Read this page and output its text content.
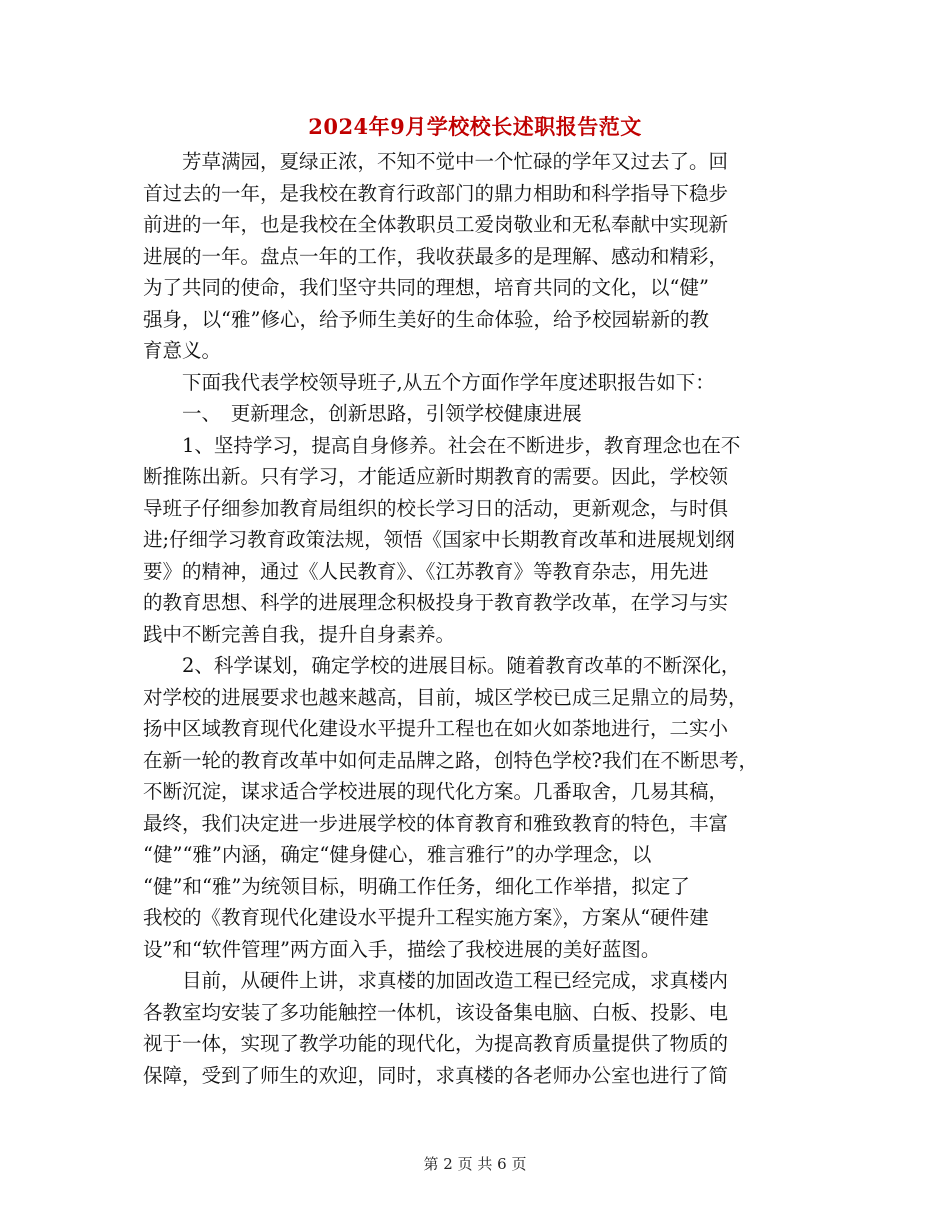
2024年9月学校校长述职报告范文
芳草满园，夏绿正浓，不知不觉中一个忙碌的学年又过去了。回
首过去的一年，是我校在教育行政部门的鼎力相助和科学指导下稳步
前进的一年，也是我校在全体教职员工爱岗敬业和无私奉献中实现新
进展的一年。盘点一年的工作，我收获最多的是理解、感动和精彩，
为了共同的使命，我们坚守共同的理想，培育共同的文化，以“健”
强身，以“雅”修心，给予师生美好的生命体验，给予校园崭新的教
育意义。
下面我代表学校领导班子,从五个方面作学年度述职报告如下：
一、　更新理念，创新思路，引领学校健康进展
1、坚持学习，提高自身修养。社会在不断进步，教育理念也在不
断推陈出新。只有学习，才能适应新时期教育的需要。因此，学校领
导班子仔细参加教育局组织的校长学习日的活动，更新观念，与时俱
进;仔细学习教育政策法规，领悟《国家中长期教育改革和进展规划纲
要》的精神，通过《人民教育》、《江苏教育》等教育杂志，用先进
的教育思想、科学的进展理念积极投身于教育教学改革，在学习与实
践中不断完善自我，提升自身素养。
2、科学谋划，确定学校的进展目标。随着教育改革的不断深化，
对学校的进展要求也越来越高，目前，城区学校已成三足鼎立的局势，
扬中区域教育现代化建设水平提升工程也在如火如荼地进行，二实小
在新一轮的教育改革中如何走品牌之路，创特色学校?我们在不断思考，
不断沉淀，谋求适合学校进展的现代化方案。几番取舍，几易其稿，
最终，我们决定进一步进展学校的体育教育和雅致教育的特色，丰富
“健”“雅”内涵，确定“健身健心，雅言雅行”的办学理念，以
“健”和“雅”为统领目标，明确工作任务，细化工作举措，拟定了
我校的《教育现代化建设水平提升工程实施方案》，方案从“硬件建
设”和“软件管理”两方面入手，描绘了我校进展的美好蓝图。
目前，从硬件上讲，求真楼的加固改造工程已经完成，求真楼内
各教室均安装了多功能触控一体机，该设备集电脑、白板、投影、电
视于一体，实现了教学功能的现代化，为提高教育质量提供了物质的
保障，受到了师生的欢迎，同时，求真楼的各老师办公室也进行了简
第 2 页 共 6 页
